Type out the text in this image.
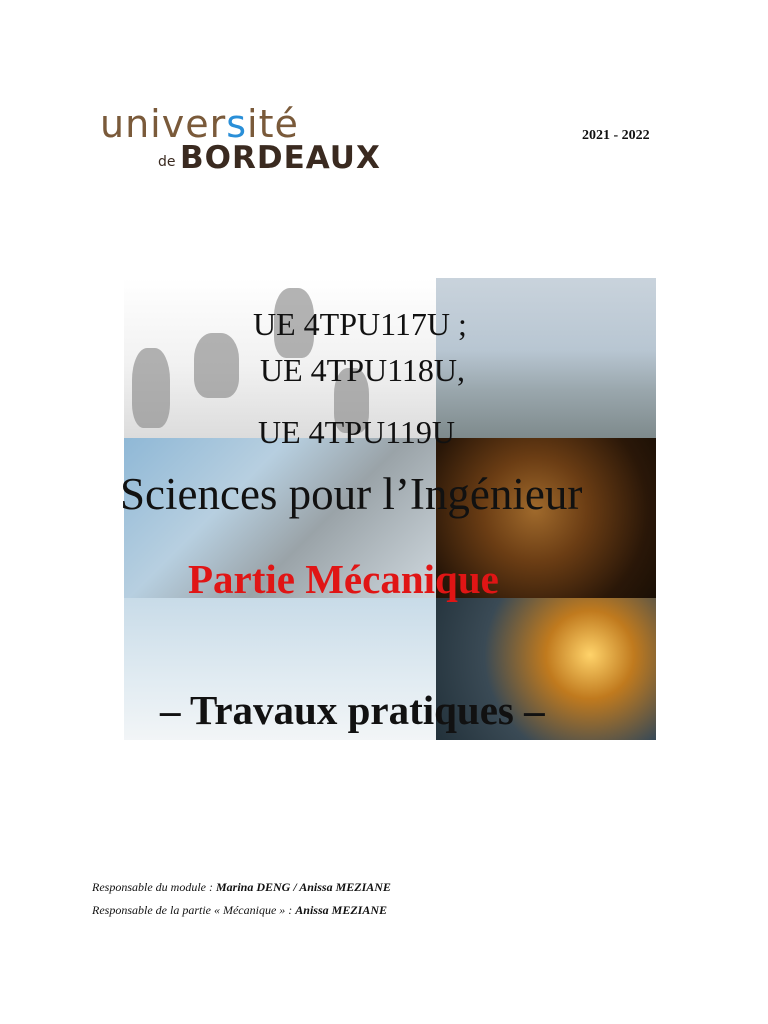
université
de BORDEAUX
2021 - 2022
UE 4TPU117U ;
UE 4TPU118U,
UE 4TPU119U
Sciences pour l’Ingénieur
Partie Mécanique
– Travaux pratiques –
Responsable du module : Marina DENG / Anissa MEZIANE
Responsable de la partie « Mécanique » : Anissa MEZIANE
